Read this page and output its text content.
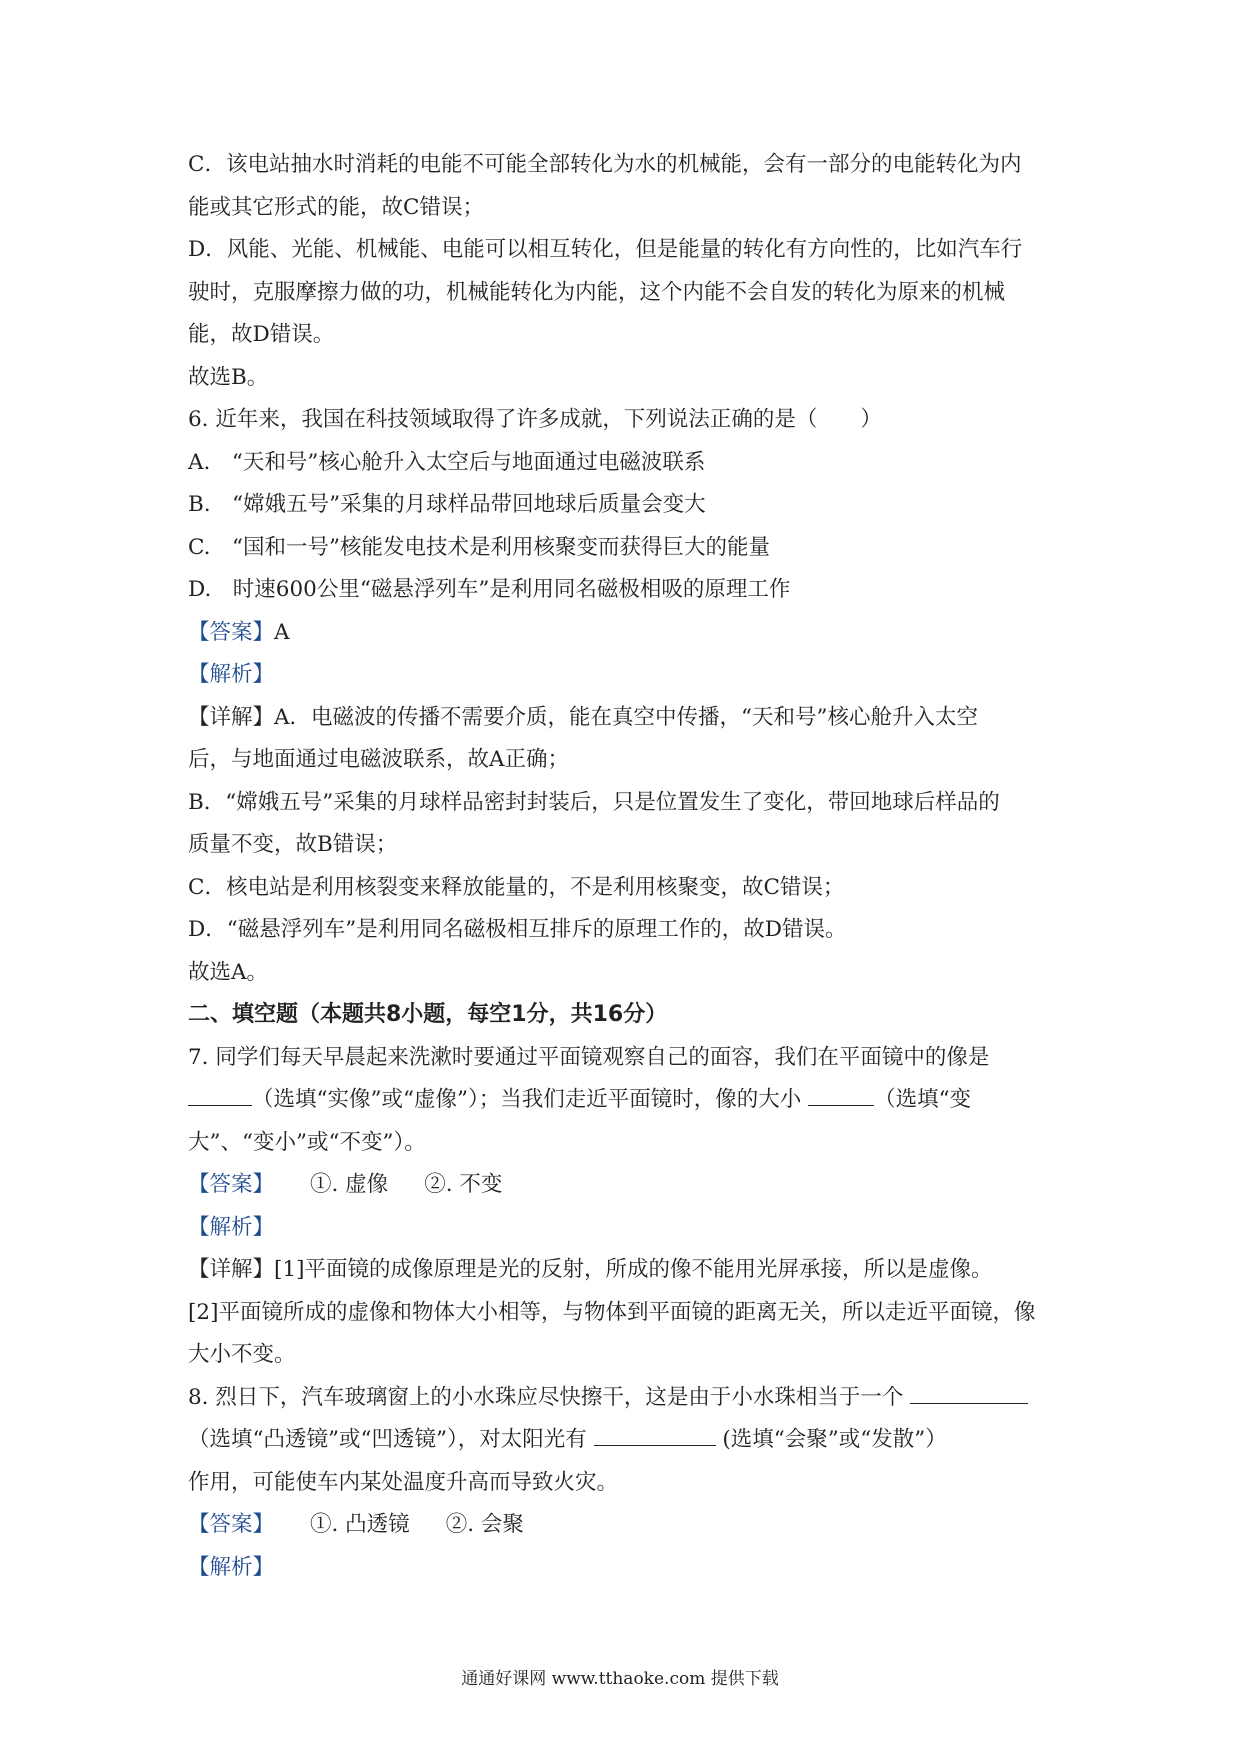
C．该电站抽水时消耗的电能不可能全部转化为水的机械能，会有一部分的电能转化为内

能或其它形式的能，故C错误；

D．风能、光能、机械能、电能可以相互转化，但是能量的转化有方向性的，比如汽车行

驶时，克服摩擦力做的功，机械能转化为内能，这个内能不会自发的转化为原来的机械

能，故D错误。

故选B。

6. 近年来，我国在科技领域取得了许多成就，下列说法正确的是（　　）

A.　“天和号”核心舱升入太空后与地面通过电磁波联系

B.　“嫦娥五号”采集的月球样品带回地球后质量会变大

C.　“国和一号”核能发电技术是利用核聚变而获得巨大的能量

D.　时速600公里“磁悬浮列车”是利用同名磁极相吸的原理工作

【答案】A

【解析】

【详解】A．电磁波的传播不需要介质，能在真空中传播，“天和号”核心舱升入太空

后，与地面通过电磁波联系，故A正确；

B．“嫦娥五号”采集的月球样品密封封装后，只是位置发生了变化，带回地球后样品的

质量不变，故B错误；

C．核电站是利用核裂变来释放能量的，不是利用核聚变，故C错误；

D．“磁悬浮列车”是利用同名磁极相互排斥的原理工作的，故D错误。

故选A。

二、填空题（本题共8小题，每空1分，共16分）

7. 同学们每天早晨起来洗漱时要通过平面镜观察自己的面容，我们在平面镜中的像是

（选填“实像”或“虚像”）；当我们走近平面镜时，像的大小	（选填“变

大”、“变小”或“不变”）。

【答案】 ①. 虚像 ②. 不变

【解析】

【详解】[1]平面镜的成像原理是光的反射，所成的像不能用光屏承接，所以是虚像。

[2]平面镜所成的虚像和物体大小相等，与物体到平面镜的距离无关，所以走近平面镜，像

大小不变。

8. 烈日下，汽车玻璃窗上的小水珠应尽快擦干，这是由于小水珠相当于一个

（选填“凸透镜”或“凹透镜”），对太阳光有	(选填“会聚”或“发散”）

作用，可能使车内某处温度升高而导致火灾。

【答案】 ①. 凸透镜 ②. 会聚

【解析】

通通好课网 www.tthaoke.com 提供下载
